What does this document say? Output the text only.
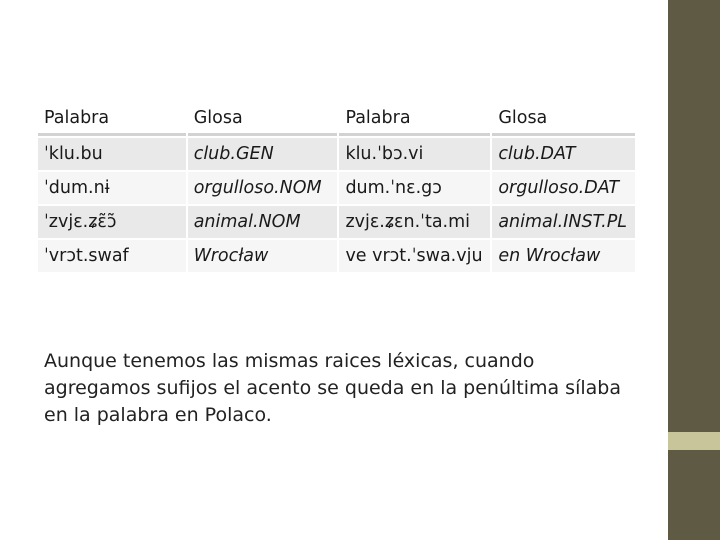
Palabra	Glosa	Palabra	Glosa
ˈklu.bu	club.GEN	klu.ˈbɔ.vi	club.DAT
ˈdum.nɨ	orgulloso.NOM	dum.ˈnɛ.gɔ	orgulloso.DAT
ˈzvjɛ.ʑɛ̃ɔ̃	animal.NOM	zvjɛ.ʑɛn.ˈta.mi	animal.INST.PL
ˈvrɔt.swaf	Wrocław	ve vrɔt.ˈswa.vju	en Wrocław

Aunque tenemos las mismas raices léxicas, cuando agregamos sufijos el acento se queda en la penúltima sílaba en la palabra en Polaco.
